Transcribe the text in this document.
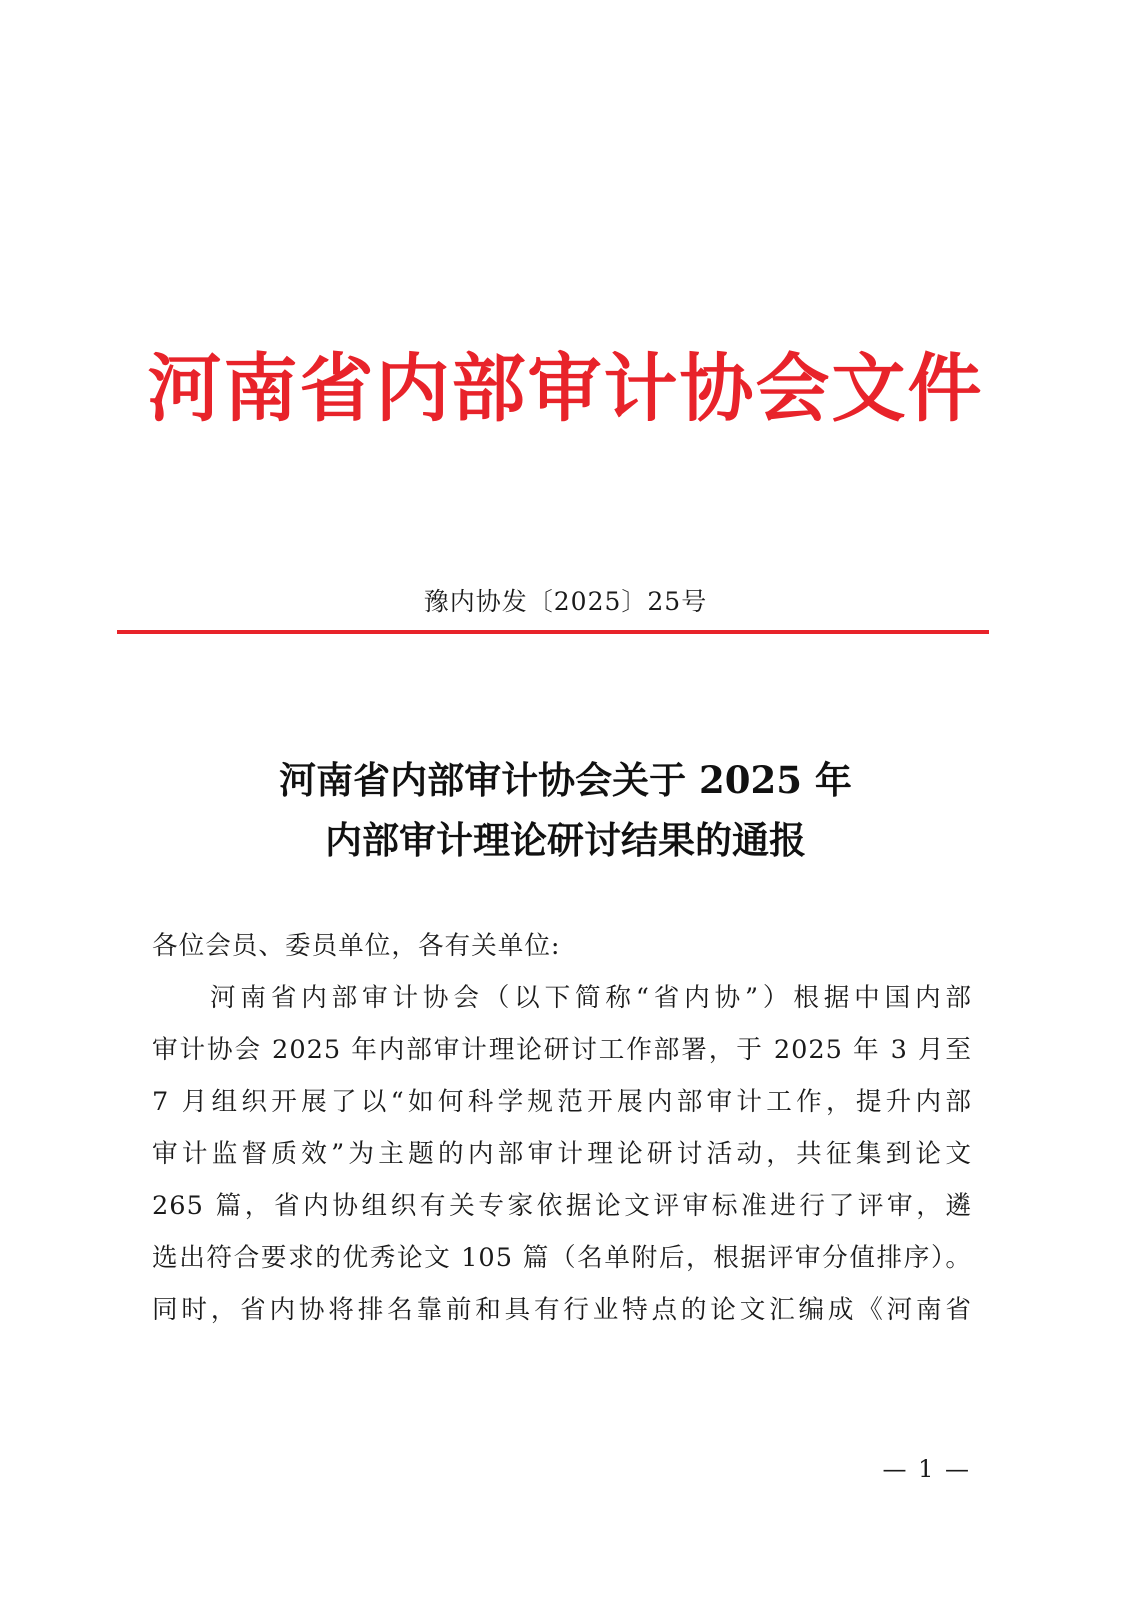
河南省内部审计协会文件
豫内协发〔2025〕25号
河南省内部审计协会关于 2025 年
内部审计理论研讨结果的通报
各位会员、委员单位，各有关单位:
河南省内部审计协会（以下简称“省内协”）根据中国内部
审计协会 2025 年内部审计理论研讨工作部署，于 2025 年 3 月至
7 月组织开展了以“如何科学规范开展内部审计工作，提升内部
审计监督质效”为主题的内部审计理论研讨活动，共征集到论文
265 篇，省内协组织有关专家依据论文评审标准进行了评审，遴
选出符合要求的优秀论文 105 篇（名单附后，根据评审分值排序）。
同时，省内协将排名靠前和具有行业特点的论文汇编成《河南省
— 1 —
